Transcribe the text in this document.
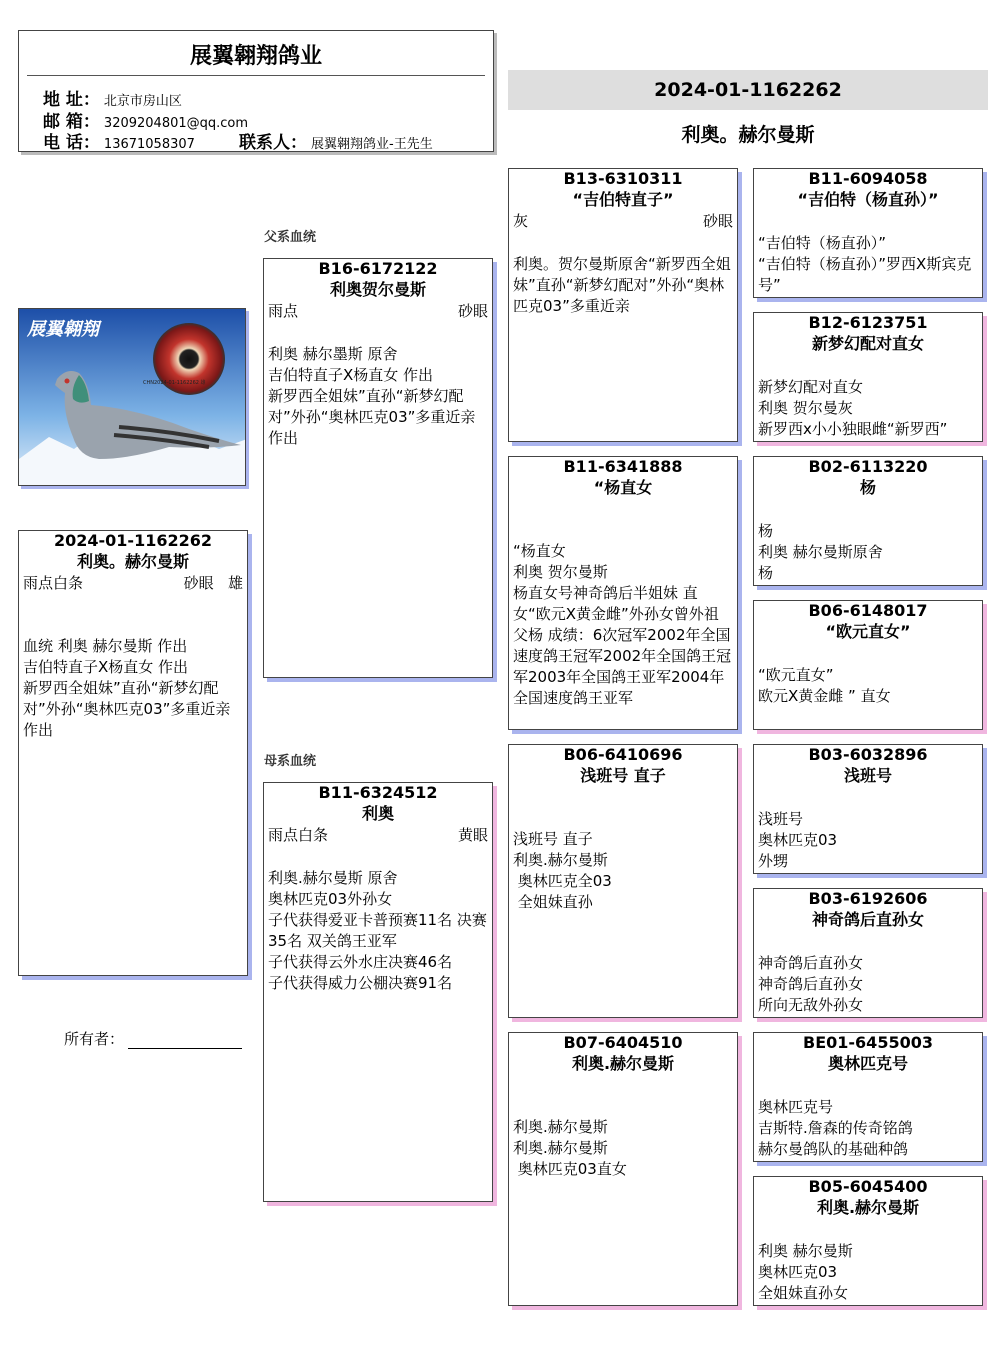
展翼翱翔鸽业
地 址： 北京市房山区
邮 箱： 3209204801@qq.com
电 话： 13671058307	联系人： 展翼翱翔鸽业-王先生
2024-01-1162262
利奥。赫尔曼斯
展翼翱翔
CHN2024-01-1162262 雄
2024-01-1162262
利奥。赫尔曼斯
雨点白条	砂眼 雄
血统 利奥 赫尔曼斯 作出
吉伯特直子X杨直女 作出
新罗西全姐妹”直孙“新梦幻配对”外孙“奥林匹克03”多重近亲作出
所有者：
父系血统
母系血统
B16-6172122
利奥贺尔曼斯
雨点	砂眼
利奥 赫尔墨斯 原舍
吉伯特直子X杨直女 作出
新罗西全姐妹”直孙“新梦幻配对”外孙“奥林匹克03”多重近亲作出
B11-6324512
利奥
雨点白条	黄眼
利奥.赫尔曼斯 原舍
奥林匹克03外孙女
子代获得爱亚卡普预赛11名 决赛35名 双关鸽王亚军
子代获得云外水庄决赛46名
子代获得威力公棚决赛91名
B13-6310311
“吉伯特直子”
灰	砂眼
利奥。贺尔曼斯原舍“新罗西全姐妹”直孙“新梦幻配对”外孙“奥林匹克03”多重近亲
B11-6341888
“杨直女
“杨直女
利奥 贺尔曼斯
杨直女号神奇鸽后半姐妹 直女“欧元X黄金雌”外孙女曾外祖父杨 成绩：6次冠军2002年全国速度鸽王冠军2002年全国鸽王冠军2003年全国鸽王亚军2004年全国速度鸽王亚军
B06-6410696
浅班号 直子
浅班号 直子
利奥.赫尔曼斯
奥林匹克全03
全姐妹直孙
B07-6404510
利奥.赫尔曼斯
利奥.赫尔曼斯
利奥.赫尔曼斯
奥林匹克03直女
B11-6094058
“吉伯特（杨直孙）”
“吉伯特（杨直孙）”
“吉伯特（杨直孙）”罗西X斯宾克号”
B12-6123751
新梦幻配对直女
新梦幻配对直女
利奥 贺尔曼灰
新罗西x小小独眼雌“新罗西”
B02-6113220
杨
杨
利奥 赫尔曼斯原舍
杨
B06-6148017
“欧元直女”
“欧元直女”
欧元X黄金雌 ” 直女
B03-6032896
浅班号
浅班号
奥林匹克03
外甥
B03-6192606
神奇鸽后直孙女
神奇鸽后直孙女
神奇鸽后直孙女
所向无敌外孙女
BE01-6455003
奥林匹克号
奥林匹克号
吉斯特.詹森的传奇铭鸽
赫尔曼鸽队的基础种鸽
B05-6045400
利奥.赫尔曼斯
利奥 赫尔曼斯
奥林匹克03
全姐妹直孙女
